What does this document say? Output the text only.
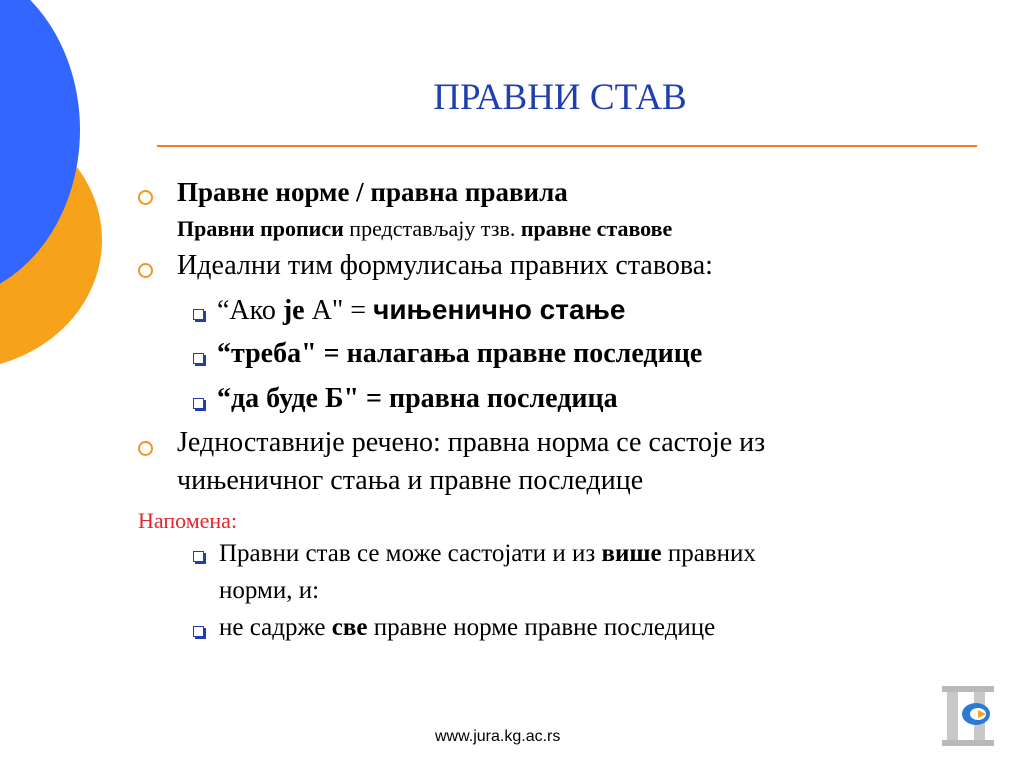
ПРАВНИ СТАВ
Правне норме / правна правила
Правни прописи представљају тзв. правне ставове
Идеални тим формулисања правних ставова:
“Ако је А" = чињенично стање
“треба" = налагања правне последице
“да буде Б" = правна последица
Једноставније речено: правна норма се састоје из
чињеничног стања и правне последице
Напомена:
Правни став се може састојати и из више правних
норми, и:
не садрже све правне норме правне последице
www.jura.kg.ac.rs
